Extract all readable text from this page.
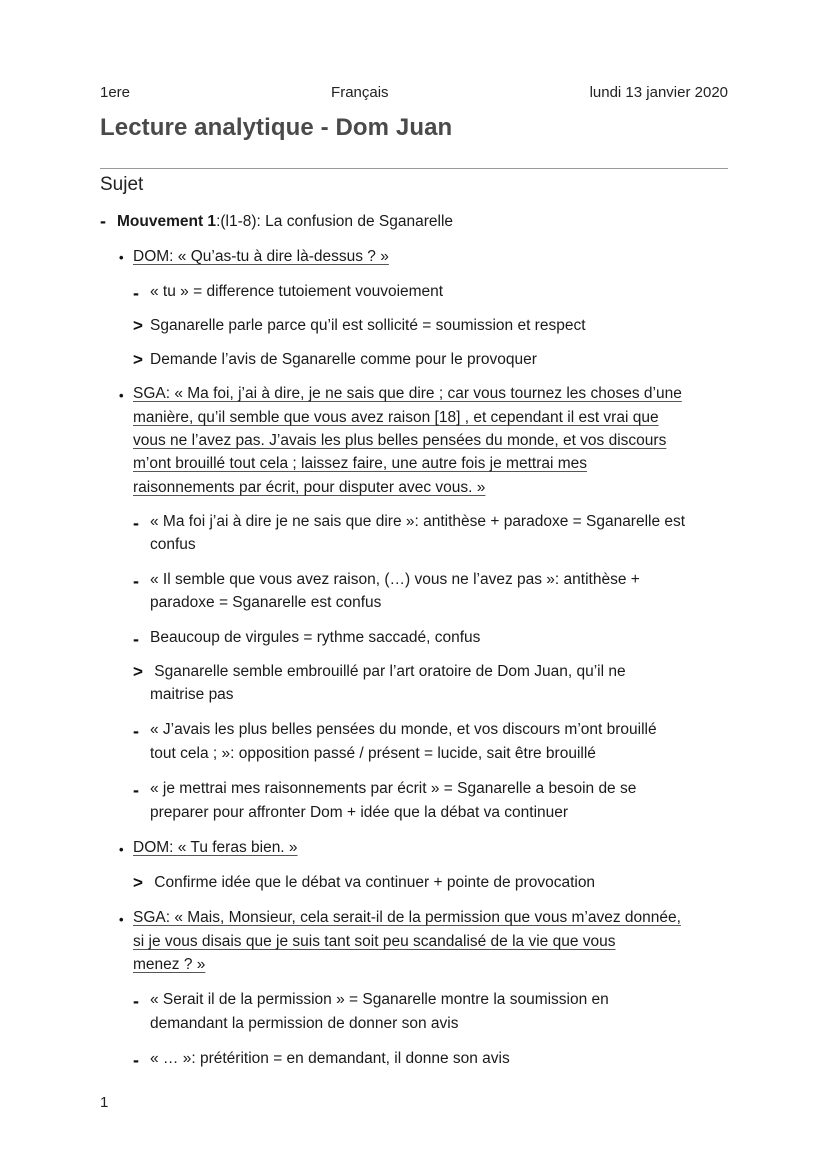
1ere	Français	lundi 13 janvier 2020
Lecture analytique - Dom Juan
Sujet
- Mouvement 1:(l1-8): La confusion de Sganarelle
• DOM: « Qu’as-tu à dire là-dessus ? »
- « tu » = difference tutoiement vouvoiement
> Sganarelle parle parce qu’il est sollicité = soumission et respect
> Demande l’avis de Sganarelle comme pour le provoquer
• SGA: « Ma foi, j’ai à dire, je ne sais que dire ; car vous tournez les choses d’une
manière, qu’il semble que vous avez raison [18] , et cependant il est vrai que
vous ne l’avez pas. J’avais les plus belles pensées du monde, et vos discours
m’ont brouillé tout cela ; laissez faire, une autre fois je mettrai mes
raisonnements par écrit, pour disputer avec vous. »
- « Ma foi j’ai à dire je ne sais que dire »: antithèse + paradoxe = Sganarelle est
confus
- « Il semble que vous avez raison, (…) vous ne l’avez pas »: antithèse +
paradoxe = Sganarelle est confus
- Beaucoup de virgules = rythme saccadé, confus
> Sganarelle semble embrouillé par l’art oratoire de Dom Juan, qu’il ne
maitrise pas
- « J’avais les plus belles pensées du monde, et vos discours m’ont brouillé
tout cela ; »: opposition passé / présent = lucide, sait être brouillé
- « je mettrai mes raisonnements par écrit » = Sganarelle a besoin de se
preparer pour affronter Dom + idée que la débat va continuer
• DOM: « Tu feras bien. »
> Confirme idée que le débat va continuer + pointe de provocation
• SGA: « Mais, Monsieur, cela serait-il de la permission que vous m’avez donnée,
si je vous disais que je suis tant soit peu scandalisé de la vie que vous
menez ? »
- « Serait il de la permission » = Sganarelle montre la soumission en
demandant la permission de donner son avis
- « … »: prétérition = en demandant, il donne son avis
1
